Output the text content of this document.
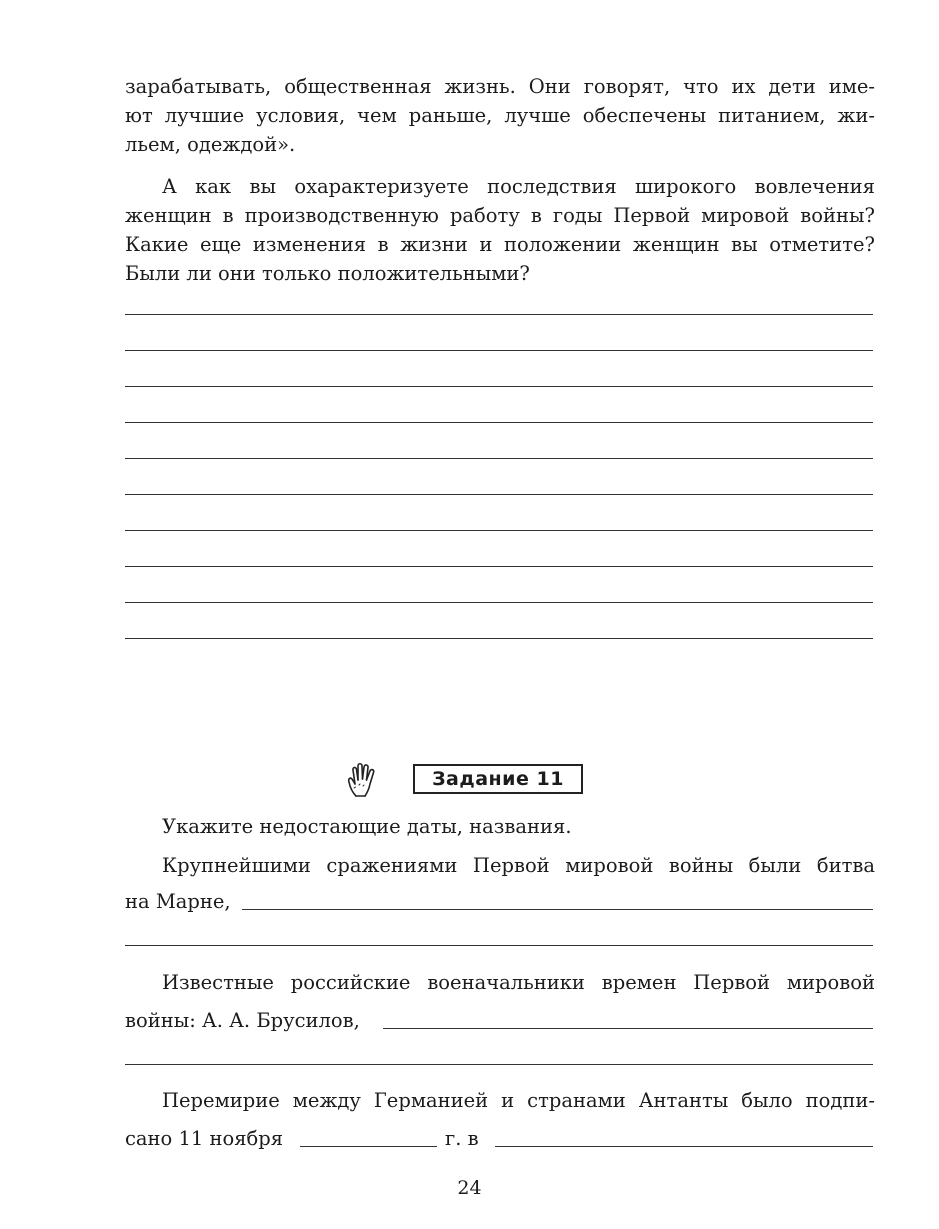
зарабатывать, общественная жизнь. Они говорят, что их дети име-
ют лучшие условия, чем раньше, лучше обеспечены питанием, жи-
льем, одеждой».
А как вы охарактеризуете последствия широкого вовлечения
женщин в производственную работу в годы Первой мировой войны?
Какие еще изменения в жизни и положении женщин вы отметите?
Были ли они только положительными?
Задание 11
Укажите недостающие даты, названия.
Крупнейшими сражениями Первой мировой войны были битва
на Марне,
Известные российские военачальники времен Первой мировой
войны: А. А. Брусилов,
Перемирие между Германией и странами Антанты было подпи-
сано 11 ноября	г. в
24
